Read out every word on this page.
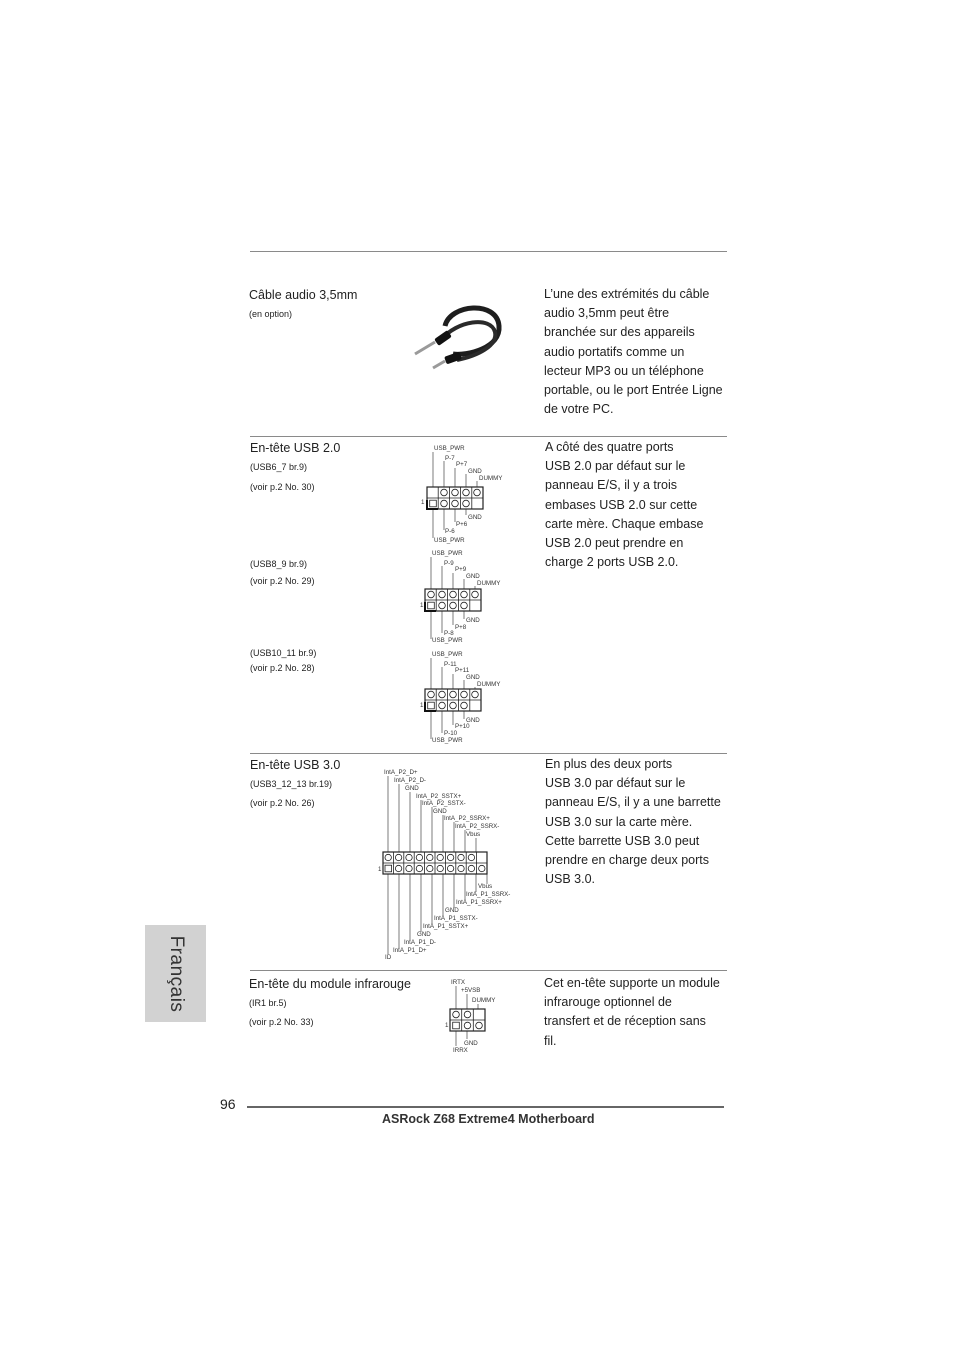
Câble audio 3,5mm
(en option)
L’une des extrémités du câble
audio 3,5mm peut être
branchée sur des appareils
audio portatifs comme un
lecteur MP3 ou un téléphone
portable, ou le port Entrée Ligne
de votre PC.
En-tête USB 2.0
(USB6_7 br.9)
(voir p.2 No. 30)
(USB8_9 br.9)
(voir p.2 No. 29)
(USB10_11 br.9)
(voir p.2 No. 28)
USB_PWR
P-7
P+7
GND
DUMMY
1
GND
P+6
P-6
USB_PWR
USB_PWR
P-9
P+9
GND
DUMMY
1
GND
P+8
P-8
USB_PWR
USB_PWR
P-11
P+11
GND
DUMMY
1
GND
P+10
P-10
USB_PWR
A côté des quatre ports
USB 2.0 par défaut sur le
panneau E/S, il y a trois
embases USB 2.0 sur cette
carte mère. Chaque embase
USB 2.0 peut prendre en
charge 2 ports USB 2.0.
En-tête USB 3.0
(USB3_12_13 br.19)
(voir p.2 No. 26)
IntA_P2_D+
IntA_P2_D-
GND
IntA_P2_SSTX+
IntA_P2_SSTX-
GND
IntA_P2_SSRX+
IntA_P2_SSRX-
Vbus
1
Vbus
IntA_P1_SSRX-
IntA_P1_SSRX+
GND
IntA_P1_SSTX-
IntA_P1_SSTX+
GND
IntA_P1_D-
IntA_P1_D+
ID
En plus des deux ports
USB 3.0 par défaut sur le
panneau E/S, il y a une barrette
USB 3.0 sur la carte mère.
Cette barrette USB 3.0 peut
prendre en charge deux ports
USB 3.0.
En-tête du module infrarouge
(IR1 br.5)
(voir p.2 No. 33)
IRTX
+5VSB
DUMMY
1
GND
IRRX
Cet en-tête supporte un module
infrarouge optionnel de
transfert et de réception sans
fil.
Français
96
ASRock Z68 Extreme4 Motherboard
